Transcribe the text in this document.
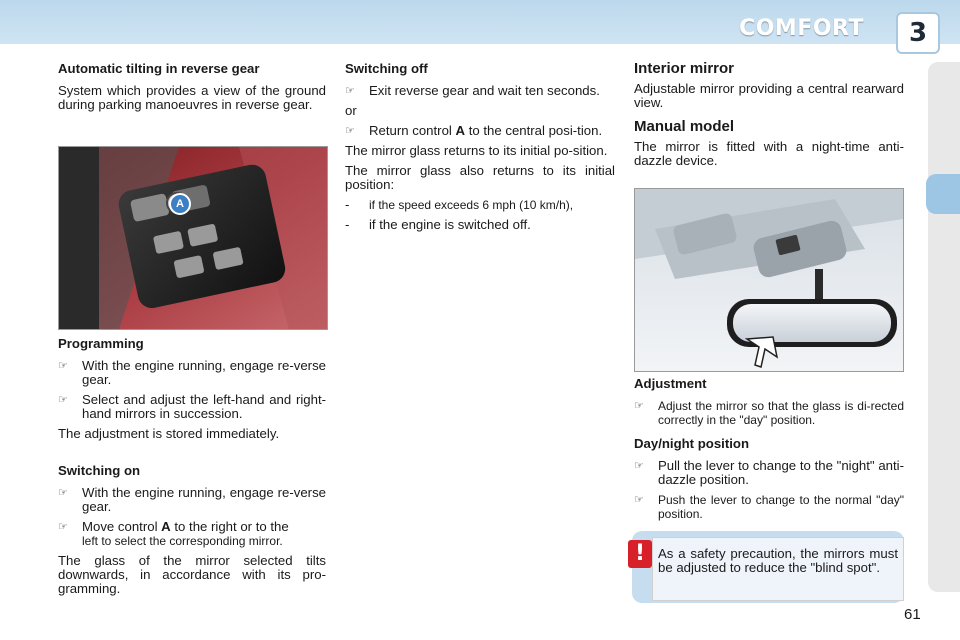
COMFORT	3
Automatic tilting in reverse gear

System which provides a view of the ground during parking manoeuvres in reverse gear.

A
Programming
☞	With the engine running, engage re-verse gear.
☞	Select and adjust the left-hand and right-hand mirrors in succession.

The adjustment is stored immediately.

Switching on
☞	With the engine running, engage re-verse gear.
☞	Move control A to the right or to the
left to select the corresponding mirror.

The glass of the mirror selected tilts downwards, in accordance with its pro-gramming.

Switching off
☞	Exit reverse gear and wait ten seconds.

or

☞	Return control A to the central posi-tion.

The mirror glass returns to its initial po-sition.

The mirror glass also returns to its initial position:

-	if the speed exceeds 6 mph (10 km/h),
-	if the engine is switched off.
Interior mirror

Adjustable mirror providing a central rearward view.

Manual model

The mirror is fitted with a night-time anti-dazzle device.

Adjustment
☞	Adjust the mirror so that the glass is di-rected correctly in the "day" position.
Day/night position
☞	Pull the lever to change to the "night" anti-dazzle position.
☞	Push the lever to change to the normal "day" position.
! As a safety precaution, the mirrors must be adjusted to reduce the "blind spot".
61
